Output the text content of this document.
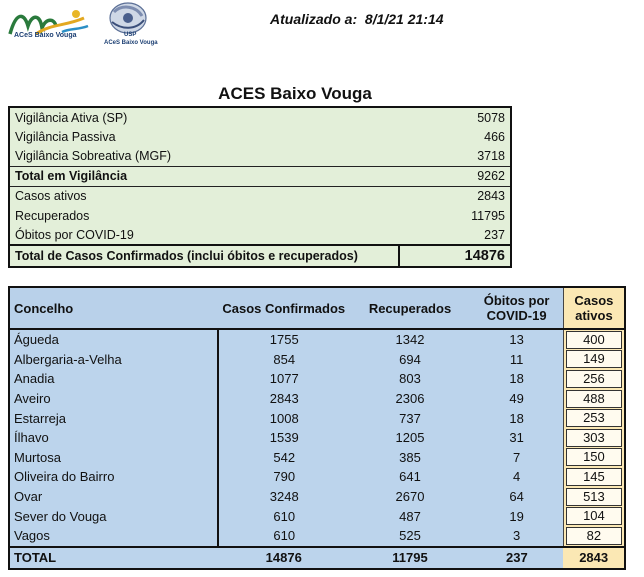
ACeS Baixo Vouga	USP
ACeS Baixo Vouga
Atualizado a: 8/1/21 21:14
ACES Baixo Vouga
Vigilância Ativa (SP)	5078
Vigilância Passiva	466
Vigilância Sobreativa (MGF)	3718
Total em Vigilância	9262
Casos ativos	2843
Recuperados	11795
Óbitos por COVID-19	237
Total de Casos Confirmados (inclui óbitos e recuperados)	14876
Concelho	Casos Confirmados	Recuperados	Óbitos por COVID-19	Casos ativos
Águeda	1755	1342	13	400

Albergaria-a-Velha	854	694	11	149

Anadia	1077	803	18	256

Aveiro	2843	2306	49	488

Estarreja	1008	737	18	253

Ílhavo	1539	1205	31	303

Murtosa	542	385	7	150

Oliveira do Bairro	790	641	4	145

Ovar	3248	2670	64	513

Sever do Vouga	610	487	19	104

Vagos	610	525	3	82

TOTAL	14876	11795	237	2843
